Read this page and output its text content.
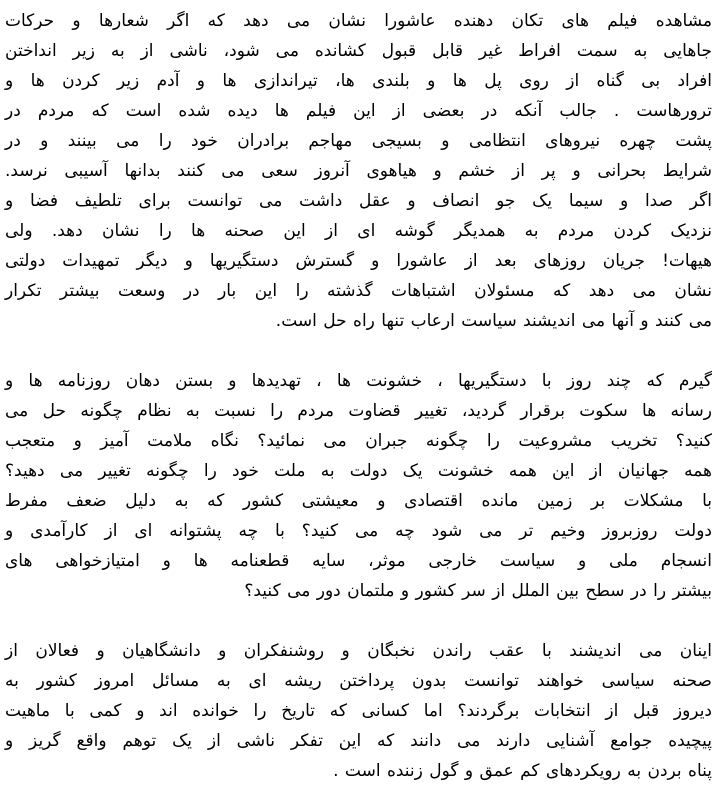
مشاهده فیلم های تکان دهنده عاشورا نشان می دهد که اگر شعارها و حرکات
جاهایی به سمت افراط غیر قابل قبول کشانده می شود، ناشی از به زیر انداختن
افراد بی گناه از روی پل ها و بلندی ها، تیراندازی ها و آدم زیر کردن ها و
ترورهاست . جالب آنکه در بعضی از این فیلم ها دیده شده است که مردم در
پشت چهره نیروهای انتظامی و بسیجی مهاجم برادران خود را می بینند و در
شرایط بحرانی و پر از خشم و هیاهوی آنروز سعی می کنند بدانها آسیبی نرسد.
اگر صدا و سیما یک جو انصاف و عقل داشت می توانست برای تلطیف فضا و
نزدیک کردن مردم به همدیگر گوشه ای از این صحنه ها را نشان دهد. ولی
هیهات! جریان روزهای بعد از عاشورا و گسترش دستگیریها و دیگر تمهیدات دولتی
نشان می دهد که مسئولان اشتباهات گذشته را این بار در وسعت بیشتر تکرار
می کنند و آنها می اندیشند سیاست ارعاب تنها راه حل است.
گیرم که چند روز با دستگیریها ، خشونت ها ، تهدیدها و بستن دهان روزنامه ها و
رسانه ها سکوت برقرار گردید، تغییر قضاوت مردم را نسبت به نظام چگونه حل می
کنید؟ تخریب مشروعیت را چگونه جبران می نمائید؟ نگاه ملامت آمیز و متعجب
همه جهانیان از این همه خشونت یک دولت به ملت خود را چگونه تغییر می دهید؟
با مشکلات بر زمین مانده اقتصادی و معیشتی کشور که به دلیل ضعف مفرط
دولت روزبروز وخیم تر می شود چه می کنید؟ با چه پشتوانه ای از کارآمدی و
انسجام ملی و سیاست خارجی موثر، سایه قطعنامه ها و امتیازخواهی های
بیشتر را در سطح بین الملل از سر کشور و ملتمان دور می کنید؟
اینان می اندیشند با عقب راندن نخبگان و روشنفکران و دانشگاهیان و فعالان از
صحنه سیاسی خواهند توانست بدون پرداختن ریشه ای به مسائل امروز کشور به
دیروز قبل از انتخابات برگردند؟ اما کسانی که تاریخ را خوانده اند و کمی با ماهیت
پیچیده جوامع آشنایی دارند می دانند که این تفکر ناشی از یک توهم واقع گریز و
پناه بردن به رویکردهای کم عمق و گول زننده است .
